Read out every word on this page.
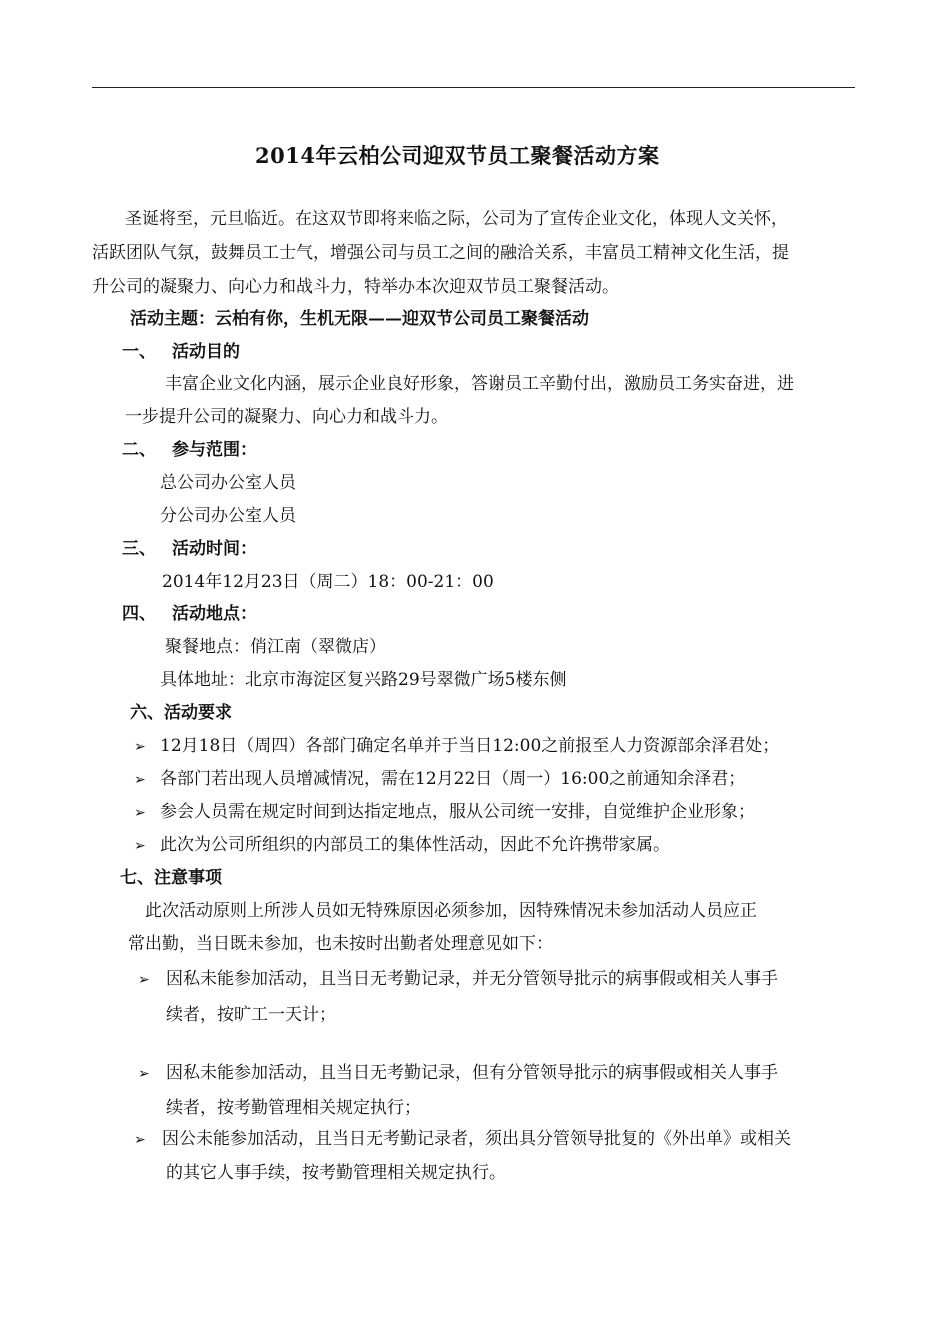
2014年云柏公司迎双节员工聚餐活动方案
圣诞将至，元旦临近。在这双节即将来临之际，公司为了宣传企业文化，体现人文关怀，
活跃团队气氛，鼓舞员工士气，增强公司与员工之间的融洽关系，丰富员工精神文化生活，提
升公司的凝聚力、向心力和战斗力，特举办本次迎双节员工聚餐活动。
活动主题：云柏有你，生机无限——迎双节公司员工聚餐活动
一、 活动目的
丰富企业文化内涵，展示企业良好形象，答谢员工辛勤付出，激励员工务实奋进，进
一步提升公司的凝聚力、向心力和战斗力。
二、 参与范围：
总公司办公室人员
分公司办公室人员
三、 活动时间：
2014年12月23日（周二）18：00-21：00
四、 活动地点：
聚餐地点：俏江南（翠微店）
具体地址：北京市海淀区复兴路29号翠微广场5楼东侧
六、活动要求
➢ 12月18日（周四）各部门确定名单并于当日12:00之前报至人力资源部余泽君处；
➢ 各部门若出现人员增减情况，需在12月22日（周一）16:00之前通知余泽君；
➢ 参会人员需在规定时间到达指定地点，服从公司统一安排，自觉维护企业形象；
➢ 此次为公司所组织的内部员工的集体性活动，因此不允许携带家属。
七、注意事项
此次活动原则上所涉人员如无特殊原因必须参加，因特殊情况未参加活动人员应正
常出勤，当日既未参加，也未按时出勤者处理意见如下：
➢ 因私未能参加活动，且当日无考勤记录，并无分管领导批示的病事假或相关人事手
续者，按旷工一天计；
➢ 因私未能参加活动，且当日无考勤记录，但有分管领导批示的病事假或相关人事手
续者，按考勤管理相关规定执行；
➢ 因公未能参加活动，且当日无考勤记录者，须出具分管领导批复的《外出单》或相关
的其它人事手续，按考勤管理相关规定执行。
